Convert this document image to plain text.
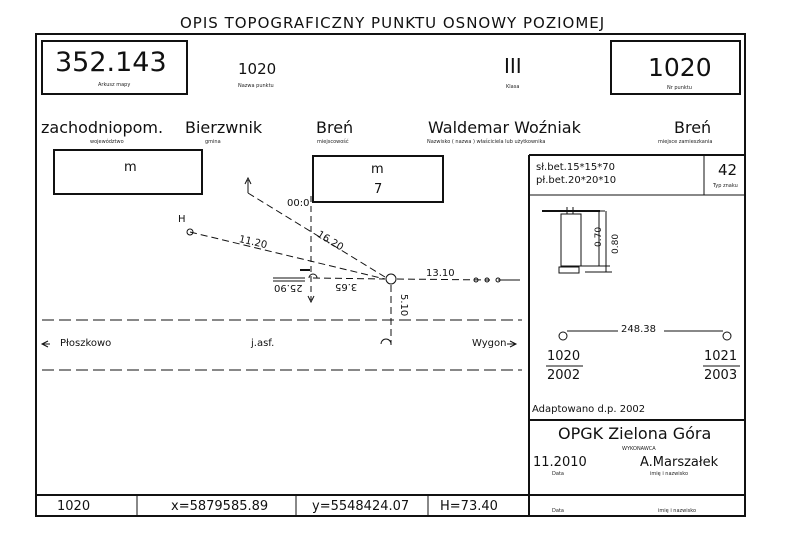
OPIS TOPOGRAFICZNY PUNKTU OSNOWY POZIOMEJ
352.143
Arkusz mapy
1020
Nazwa punktu
III
Klasa
1020
Nr punktu
zachodniopom.
województwo
Bierzwnik
gmina
Breń
miejscowość
Waldemar Woźniak
Nazwisko ( nazwa ) właściciela lub użytkownika
Breń
miejsce zamieszkania
m	m
7
00:0
16.20
11.20
13.10
3.65
25.90
5.10
H
Płoszkowo	j.asf.	Wygon
sł.bet.15*15*70
pł.bet.20*20*10
42
Typ znaku
0.70 0.80
248.38
1020
2002
1021
2003
Adaptowano d.p. 2002
OPGK Zielona Góra
WYKONAWCA
11.2010
Data
A.Marszałek
imię i nazwisko
1020	x=5879585.89	y=5548424.07 H=73.40	Data	imię i nazwisko
